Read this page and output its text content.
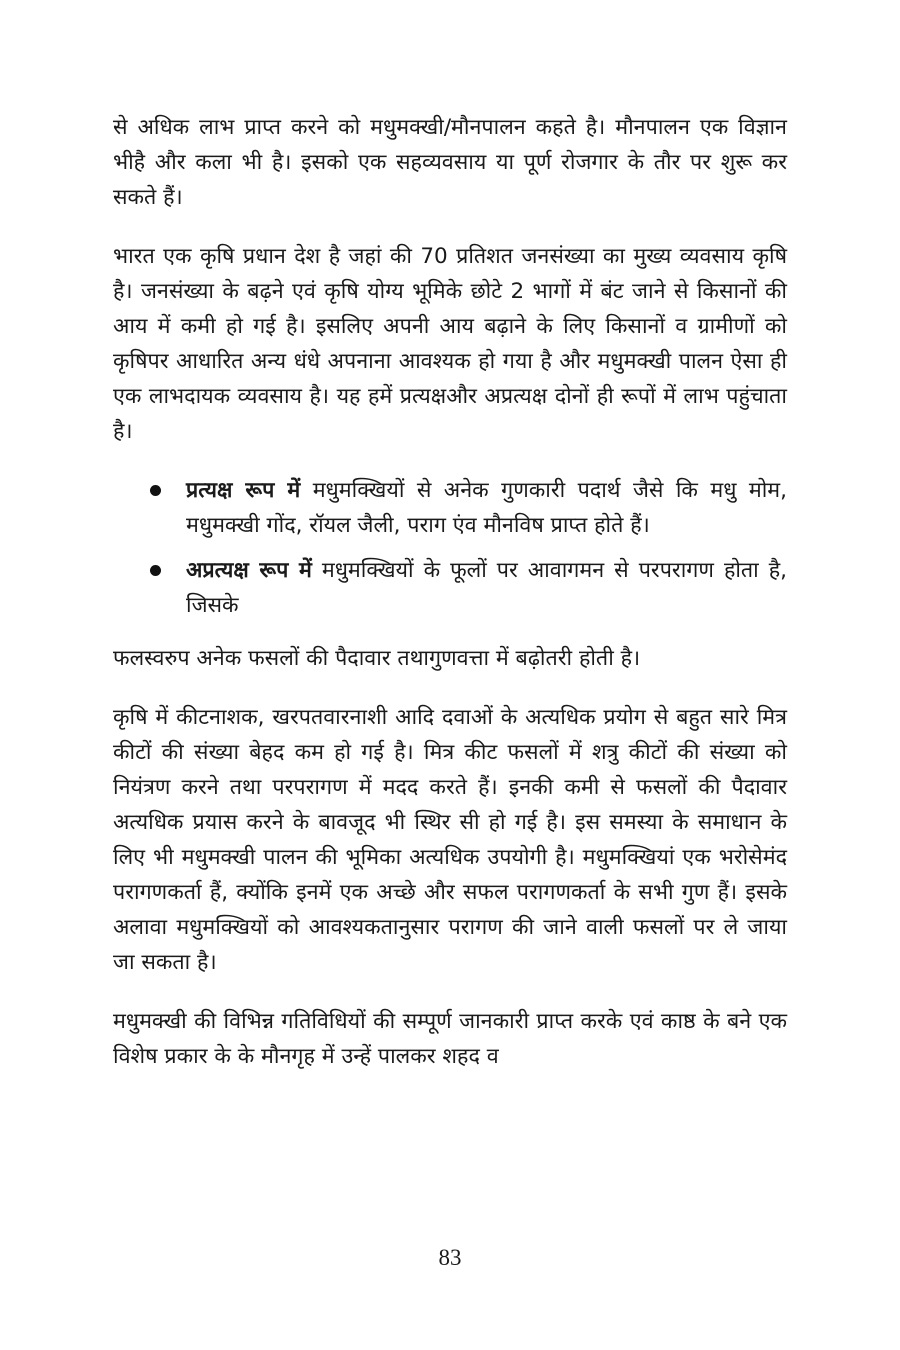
से अधिक लाभ प्राप्त करने को मधुमक्खी/मौनपालन कहते है। मौनपालन एक विज्ञान भीहै और कला भी है। इसको एक सहव्यवसाय या पूर्ण रोजगार के तौर पर शुरू कर सकते हैं।

भारत एक कृषि प्रधान देश है जहां की 70 प्रतिशत जनसंख्या का मुख्य व्यवसाय कृषि है। जनसंख्या के बढ़ने एवं कृषि योग्य भूमिके छोटे 2 भागों में बंट जाने से किसानों की आय में कमी हो गई है। इसलिए अपनी आय बढ़ाने के लिए किसानों व ग्रामीणों को कृषिपर आधारित अन्य धंधे अपनाना आवश्यक हो गया है और मधुमक्खी पालन ऐसा ही एक लाभदायक व्यवसाय है। यह हमें प्रत्यक्षऔर अप्रत्यक्ष दोनों ही रूपों में लाभ पहुंचाता है।

प्रत्यक्ष रूप में मधुमक्खियों से अनेक गुणकारी पदार्थ जैसे कि मधु मोम, मधुमक्खी गोंद, रॉयल जैली, पराग एंव मौनविष प्राप्त होते हैं।
अप्रत्यक्ष रूप में मधुमक्खियों के फूलों पर आवागमन से परपरागण होता है, जिसके

फलस्वरुप अनेक फसलों की पैदावार तथागुणवत्ता में बढ़ोतरी होती है।

कृषि में कीटनाशक, खरपतवारनाशी आदि दवाओं के अत्यधिक प्रयोग से बहुत सारे मित्र कीटों की संख्या बेहद कम हो गई है। मित्र कीट फसलों में शत्रु कीटों की संख्या को नियंत्रण करने तथा परपरागण में मदद करते हैं। इनकी कमी से फसलों की पैदावार अत्यधिक प्रयास करने के बावजूद भी स्थिर सी हो गई है। इस समस्या के समाधान के लिए भी मधुमक्खी पालन की भूमिका अत्यधिक उपयोगी है। मधुमक्खियां एक भरोसेमंद परागणकर्ता हैं, क्योंकि इनमें एक अच्छे और सफल परागणकर्ता के सभी गुण हैं। इसके अलावा मधुमक्खियों को आवश्यकतानुसार परागण की जाने वाली फसलों पर ले जाया जा सकता है।

मधुमक्खी की विभिन्न गतिविधियों की सम्पूर्ण जानकारी प्राप्त करके एवं काष्ठ के बने एक विशेष प्रकार के के मौनगृह में उन्हें पालकर शहद व

83
